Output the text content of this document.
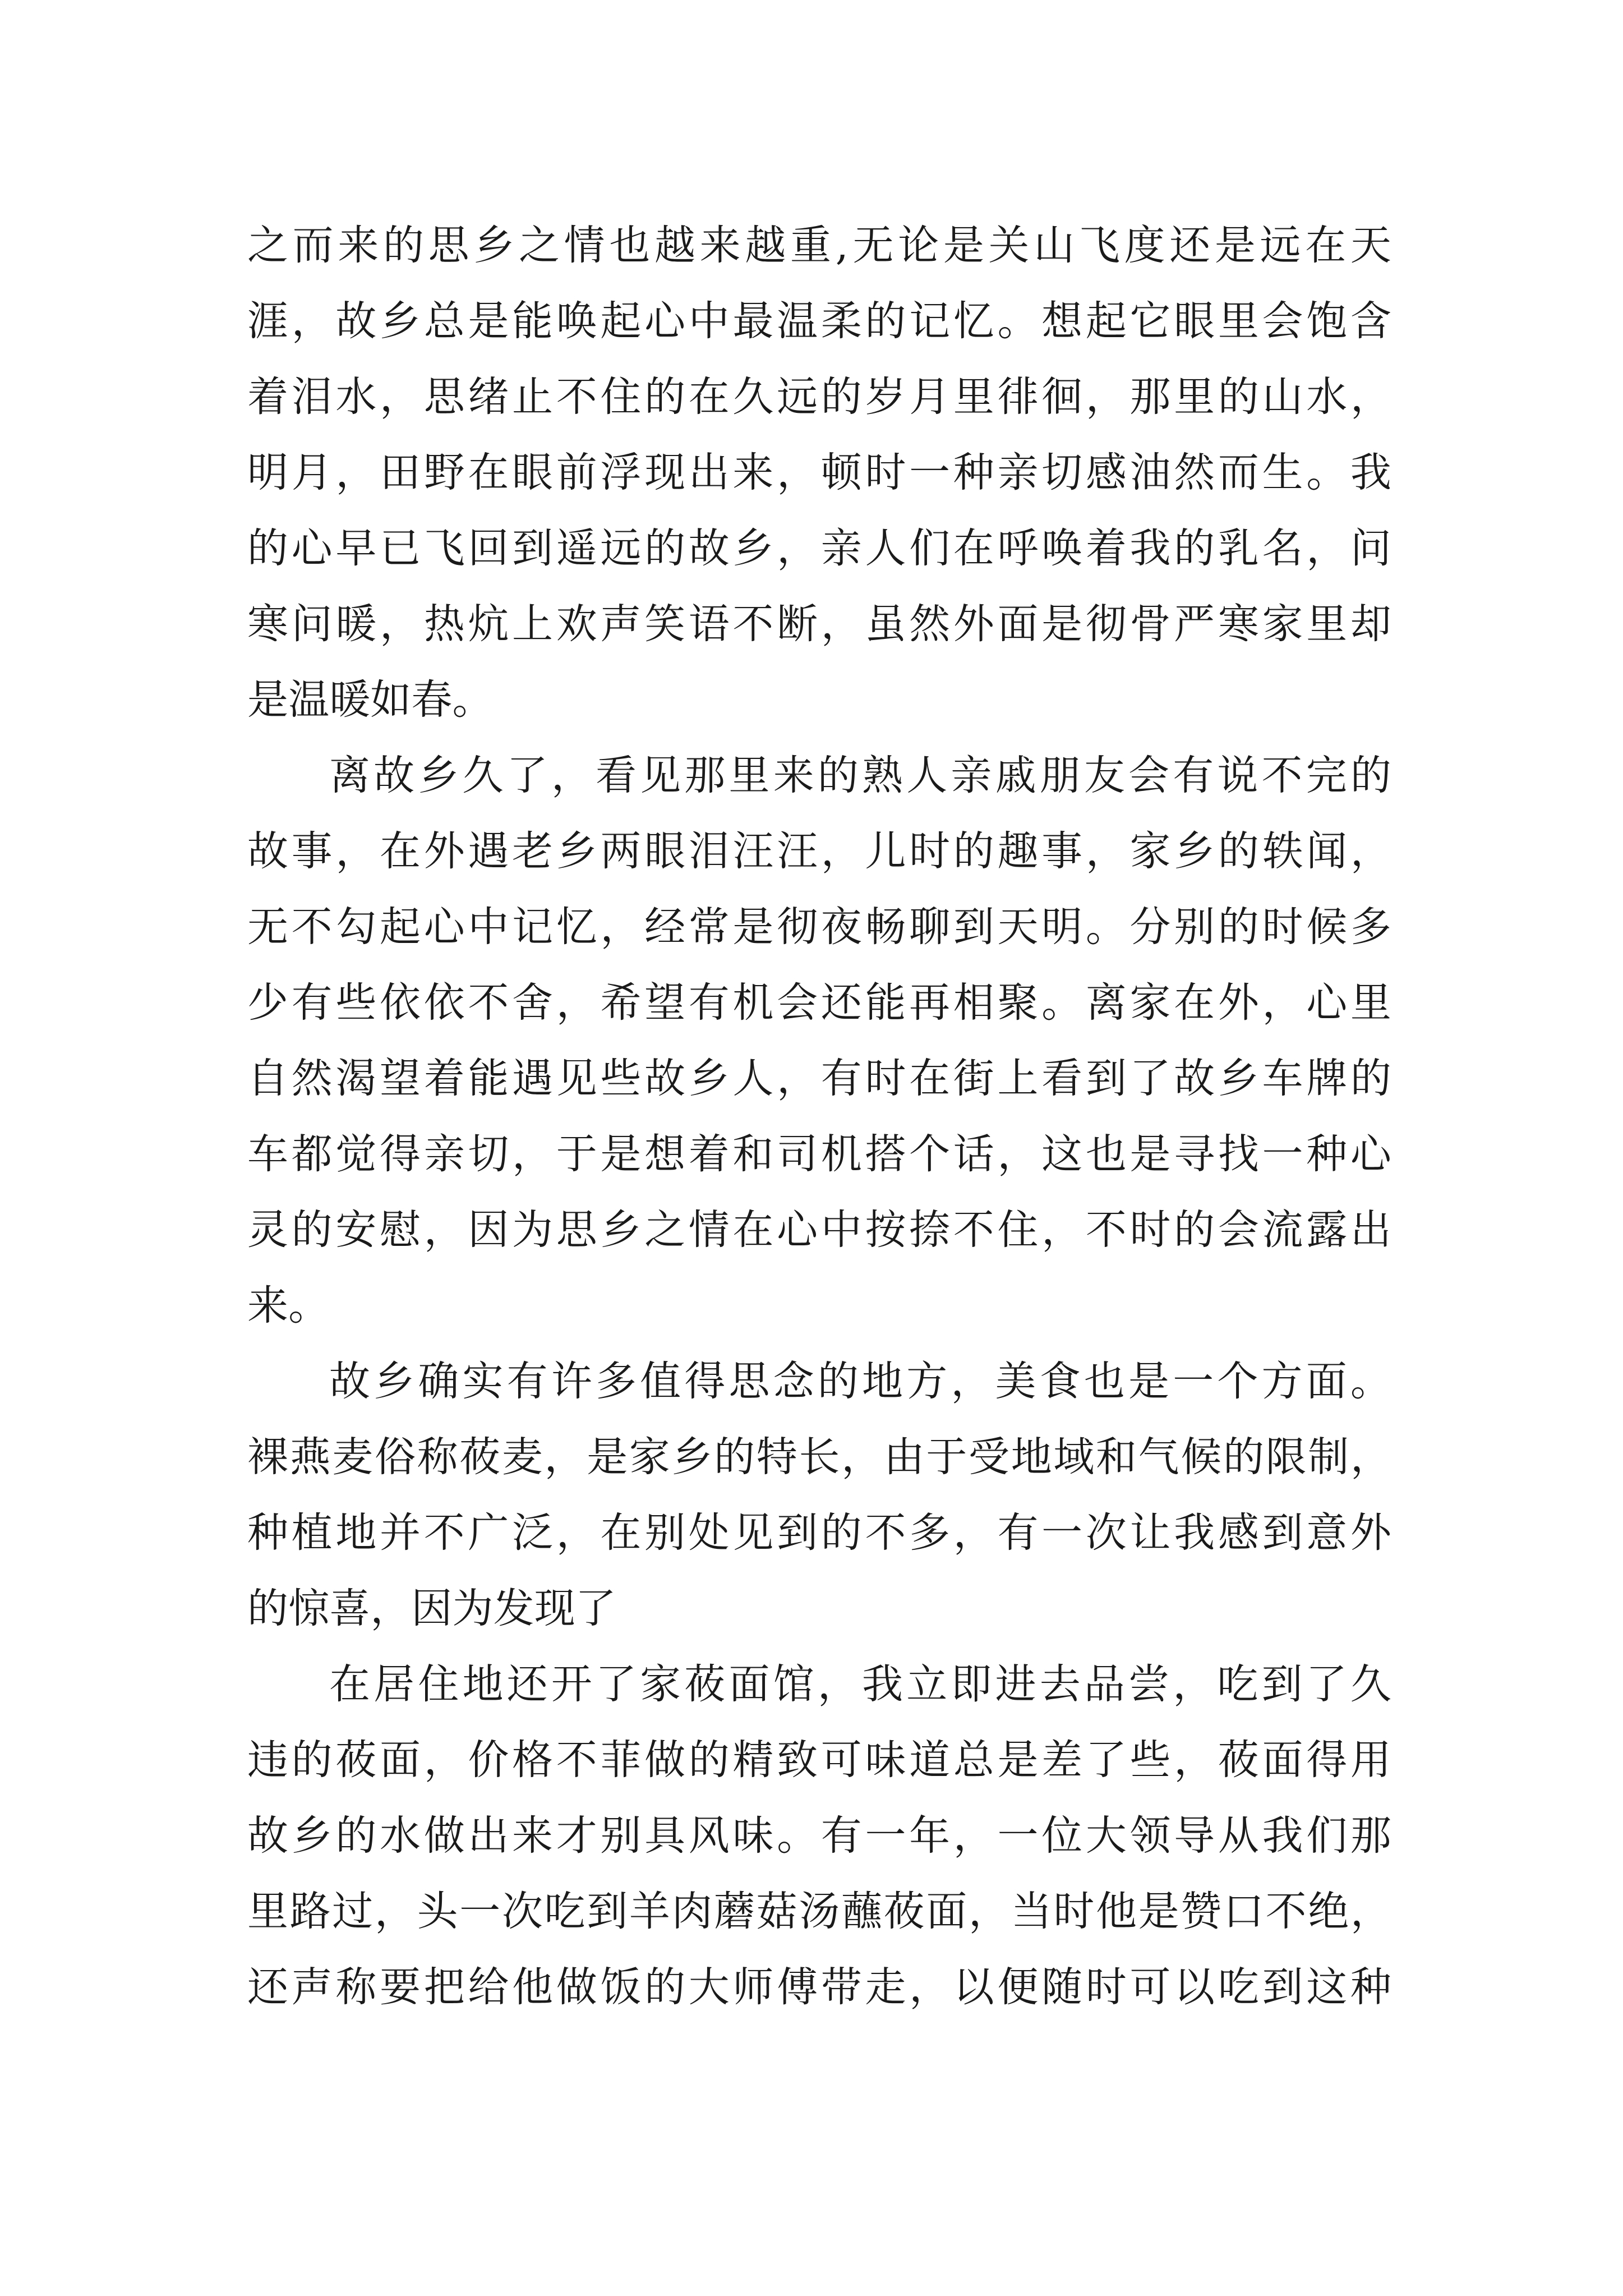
之而来的思乡之情也越来越重,无论是关山飞度还是远在天
涯，故乡总是能唤起心中最温柔的记忆。想起它眼里会饱含
着泪水，思绪止不住的在久远的岁月里徘徊，那里的山水，
明月，田野在眼前浮现出来，顿时一种亲切感油然而生。我
的心早已飞回到遥远的故乡，亲人们在呼唤着我的乳名，问
寒问暖，热炕上欢声笑语不断，虽然外面是彻骨严寒家里却
是温暖如春。
离故乡久了，看见那里来的熟人亲戚朋友会有说不完的
故事，在外遇老乡两眼泪汪汪，儿时的趣事，家乡的轶闻，
无不勾起心中记忆，经常是彻夜畅聊到天明。分别的时候多
少有些依依不舍，希望有机会还能再相聚。离家在外，心里
自然渴望着能遇见些故乡人，有时在街上看到了故乡车牌的
车都觉得亲切，于是想着和司机搭个话，这也是寻找一种心
灵的安慰，因为思乡之情在心中按捺不住，不时的会流露出
来。
故乡确实有许多值得思念的地方，美食也是一个方面。
裸燕麦俗称莜麦，是家乡的特长，由于受地域和气候的限制，
种植地并不广泛，在别处见到的不多，有一次让我感到意外
的惊喜，因为发现了
在居住地还开了家莜面馆，我立即进去品尝，吃到了久
违的莜面，价格不菲做的精致可味道总是差了些，莜面得用
故乡的水做出来才别具风味。有一年，一位大领导从我们那
里路过，头一次吃到羊肉蘑菇汤蘸莜面，当时他是赞口不绝，
还声称要把给他做饭的大师傅带走，以便随时可以吃到这种
